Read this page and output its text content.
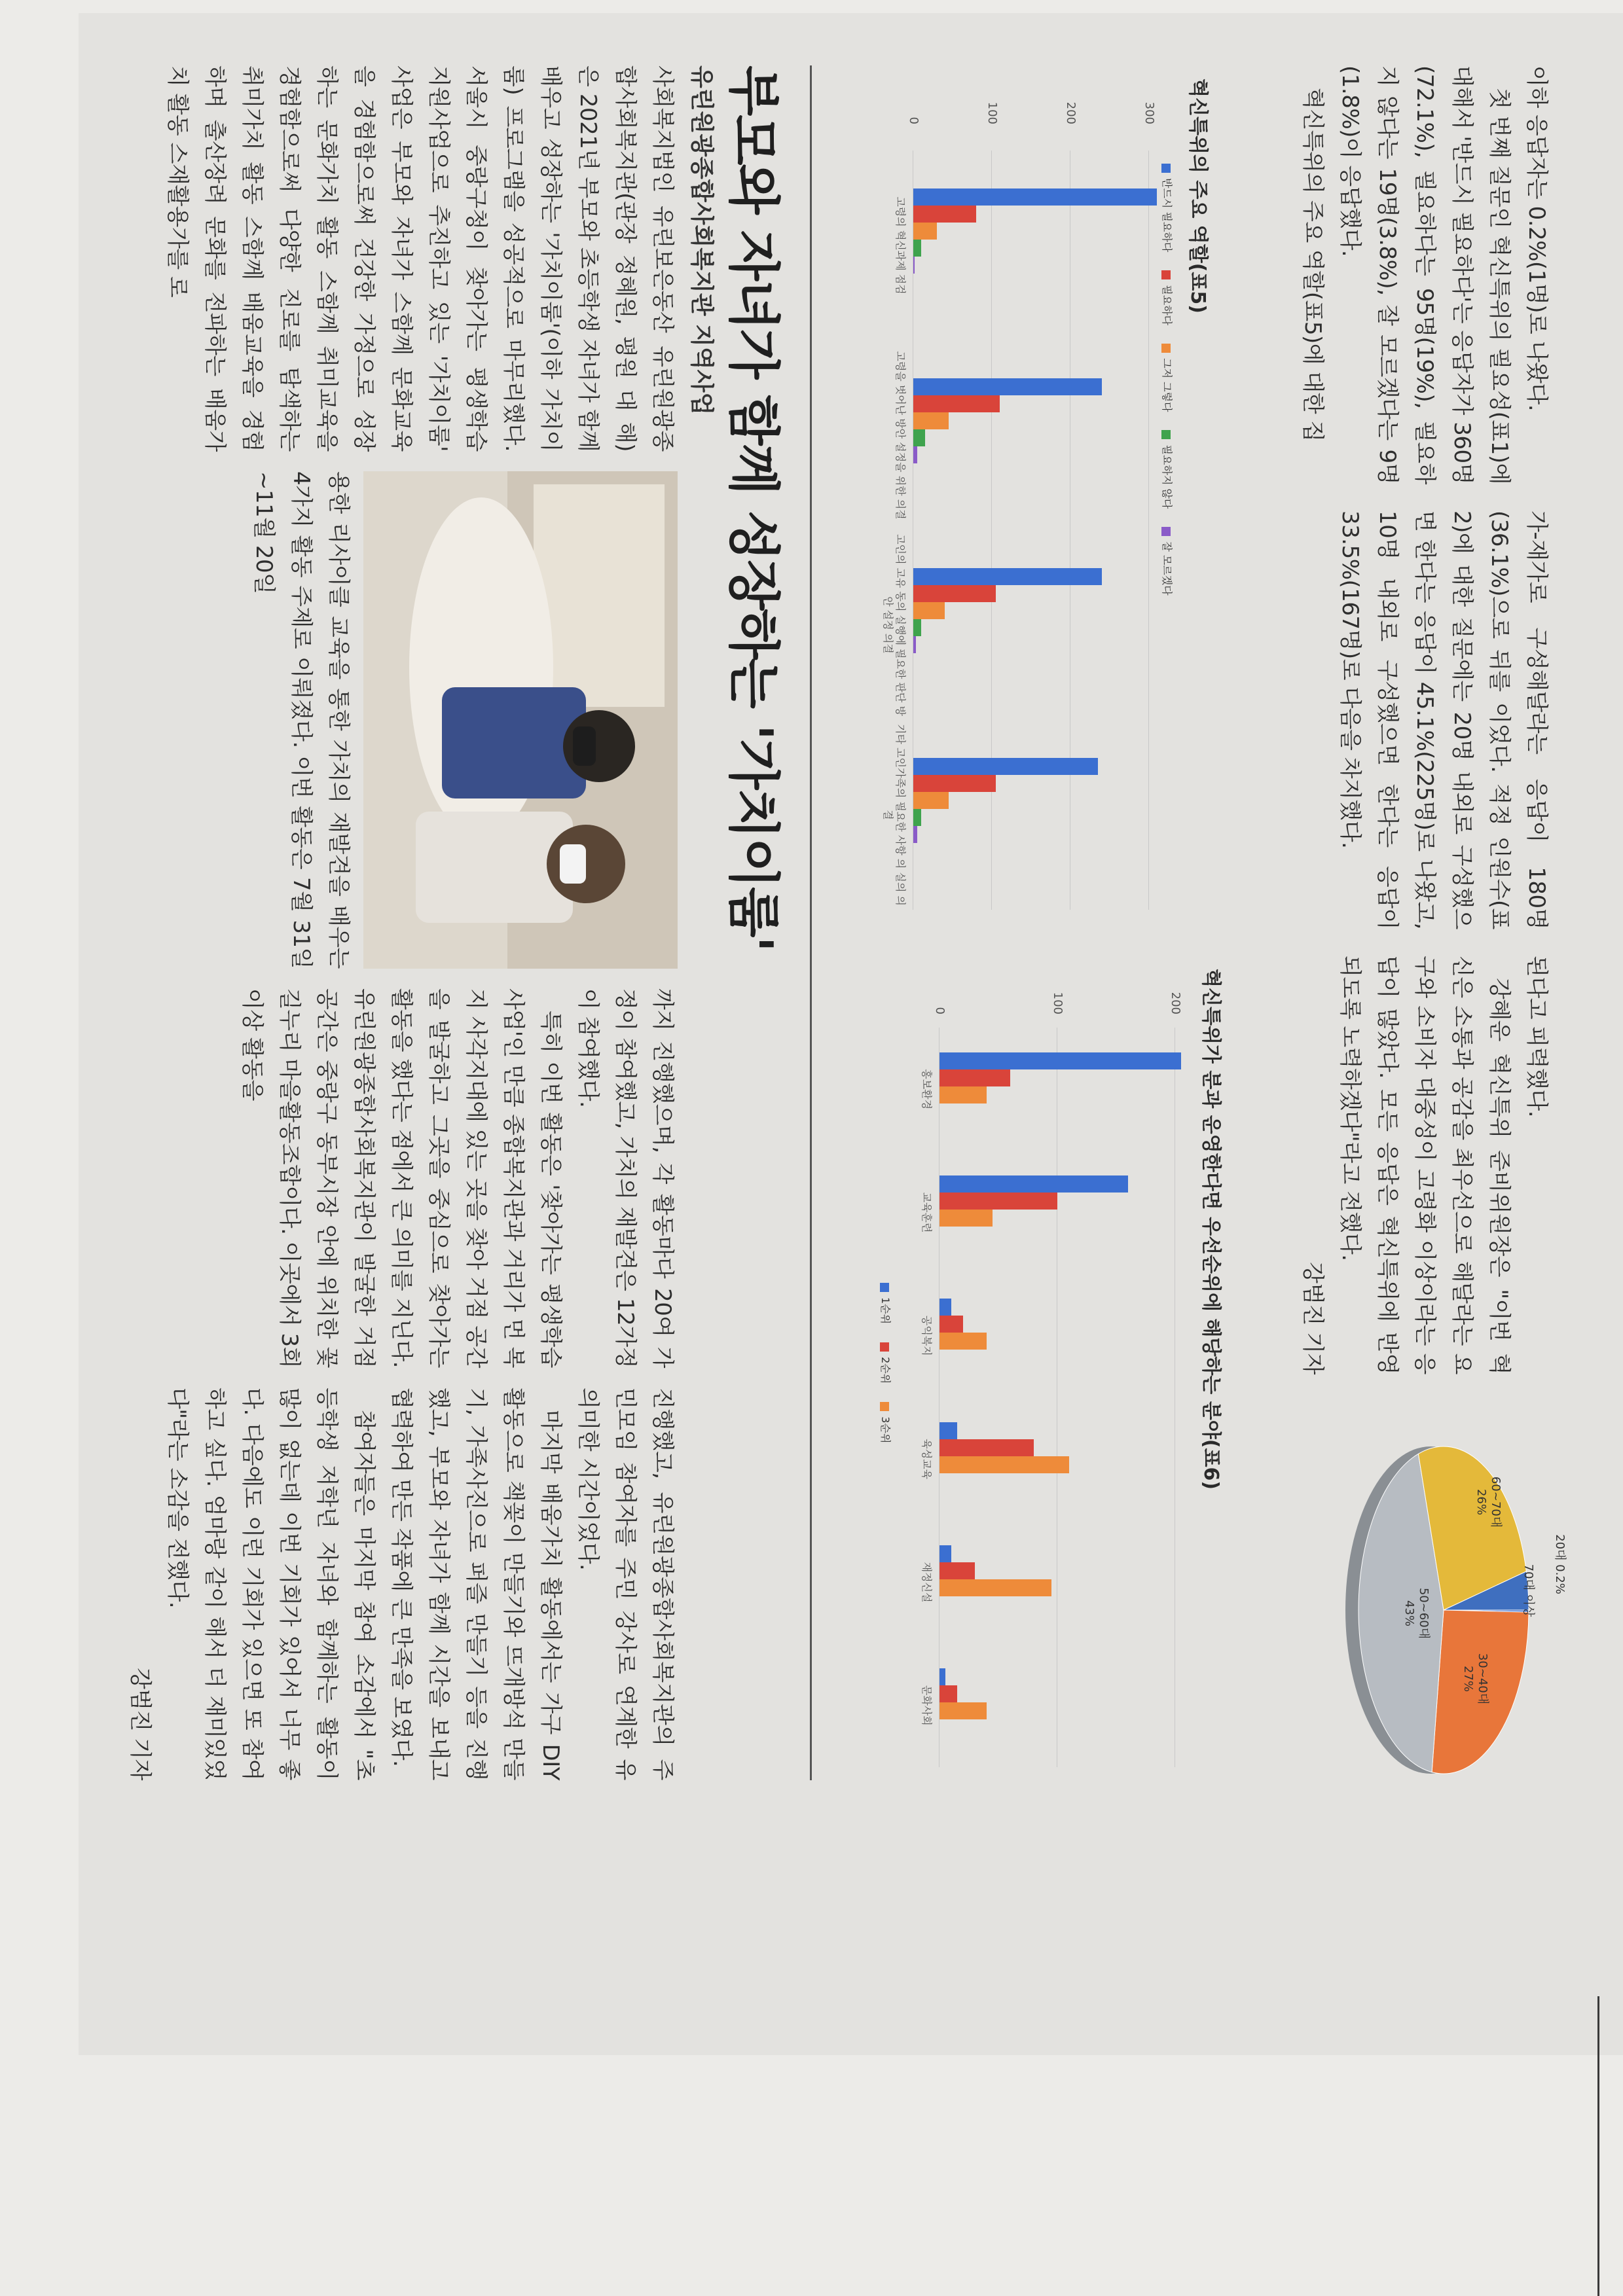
이하 응답자는 0.2%(1명)로 나왔다.

첫 번째 질문인 혁신특위의 필요성(표1)에 대해서 '반드시 필요하다'는 응답자가 360명(72.1%), 필요하다는 95명(19%), 필요하지 않다는 19명(3.8%), 잘 모르겠다는 9명(1.8%)이 응답했다.

혁신특위의 주요 역할(표5)에 대한 집

가-재가로 구성해달라는 응답이 180명(36.1%)으로 뒤를 이었다. 적정 인원수(표2)에 대한 질문에는 20명 내외로 구성했으면 한다는 응답이 45.1%(225명)로 나왔고, 10명 내외로 구성했으면 한다는 응답이 33.5%(167명)로 다음을 차지했다.

된다고 피력했다.

강혜운 혁신특위 준비위원장은 "이번 혁신은 소통과 공감을 최우선으로 해달라는 요구와 소비자 대중성이 고령화 이상이라는 응답이 많았다. 모든 응답은 혁신특위에 반영되도록 노력하겠다"라고 전했다.

강범진 기자

20대 0.2%
30~40대
27%
50~60대
43%
60~70대
26%
70대 이상
혁신특위의 주요 역할(표5)
반드시 필요하다
필요하다
그저 그렇다
필요하지 않다
잘 모르겠다
0	100	200	300
고령의 혁신과제 점검
고령을 벗어난 방안 설정을 위한 의결
고인의 고유 동의 실행에 필요한 판단 방안 설정 의결
기타 고인가족의 필요한 사항 의 실의 의결
혁신특위가 분과 운영한다면 우선순위에 해당하는 분야(표6)
0	100	200
홍보환경
교육훈련
공익복지
육성교육
재정신설
문화사회
1순위
2순위
3순위
부모와 자녀가 함께 성장하는 '가치이룸'
유린원광종합사회복지관 지역사업

사회복지법인 유린보은동산 유린원광종합사회복지관(관장 정혜원, 평원 대 해)은 2021년 부모와 초등학생 자녀가 함께 배우고 성장하는 '가치이룸'(이하 가치이룸) 프로그램을 성공적으로 마무리했다. 서울시 중랑구청이 찾아가는 평생학습 지원사업으로 추진하고 있는 '가치이룸' 사업은 부모와 자녀가 스함께 문화교육을 경험함으로써 건강한 가정으로 성장하는 문화가치 활동 스함께 취미교육을 경험함으로써 다양한 진로를 탐색하는 취미가치 활동 스함께 배움교육을 경험하며 출산장려 문화를 전파하는 배움가치 활동 스재활용가를 로

용한 리사이클 교육을 통한 가치의 재발견을 배우는 4가지 활동 주제로 이뤄졌다. 이번 활동은 7월 31일~11월 20일

까지 진행했으며, 각 활동마다 20여 가정이 참여했고, 가치의 재발견은 12가정이 참여했다.

특히 이번 활동은 '찾아가는 평생학습 사업'인 만큼 종합복지관과 거리가 먼 복지 사각지대에 있는 곳을 찾아 거점 공간을 발굴하고 그곳을 중심으로 찾아가는 활동을 했다는 점에서 큰 의미를 지닌다. 유린원광종합사회복지관이 발굴한 거점 공간은 중랑구 동부시장 안에 위치한 꽃길누리 마을활동조합이다. 이곳에서 3회 이상 활동을

진행했고, 유린원광종합사회복지관의 주민모임 참여자를 주민 강사로 연계한 유의미한 시간이었다.

마지막 배움가치 활동에서는 가구 DIY 활동으로 책꽂이 만들기와 뜨개방석 만들기, 가족사진으로 퍼즐 만들기 등을 진행했고, 부모와 자녀가 함께 시간을 보내고 협력하여 만든 작품에 큰 만족을 보였다.

참여자들은 마지막 참여 소감에서 "초등학생 저학년 자녀와 함께하는 활동이 많이 없는데 이번 기회가 있어서 너무 좋다. 다음에도 이런 기회가 있으면 또 참여하고 싶다. 엄마랑 같이 해서 더 재미있었다"라는 소감을 전했다.

강범진 기자
